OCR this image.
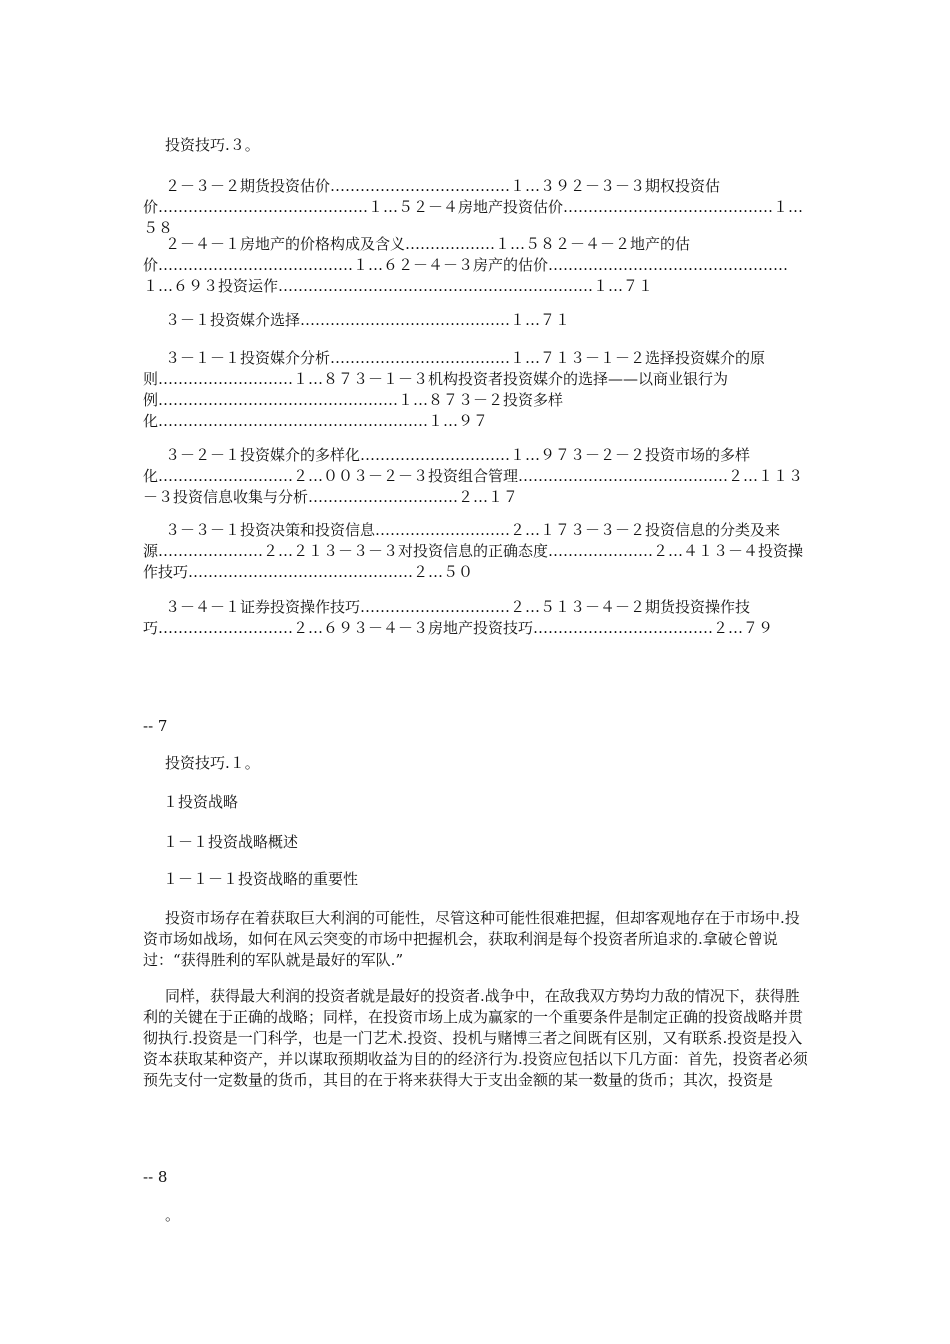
投资技巧.３。
２－３－２期货投资估价………………………………１…３９２－３－３期权投资估价……………………………………１…５２－４房地产投资估价……………………………………１…５８
２－４－１房地产的价格构成及含义………………１…５８２－４－２地产的估价…………………………………１…６２－４－３房产的估价…………………………………………１…６９３投资运作………………………………………………………１…７１
３－１投资媒介选择……………………………………１…７１
３－１－１投资媒介分析………………………………１…７１３－１－２选择投资媒介的原则………………………１…８７３－１－３机构投资者投资媒介的选择——以商业银行为例…………………………………………１…８７３－２投资多样化………………………………………………１…９７
３－２－１投资媒介的多样化…………………………１…９７３－２－２投资市场的多样化………………………２…００３－２－３投资组合管理……………………………………２…１１３－３投资信息收集与分析…………………………２…１７
３－３－１投资决策和投资信息………………………２…１７３－３－２投资信息的分类及来源…………………２…２１３－３－３对投资信息的正确态度…………………２…４１３－４投资操作技巧………………………………………２…５０
３－４－１证券投资操作技巧…………………………２…５１３－４－２期货投资操作技巧………………………２…６９３－４－３房地产投资技巧………………………………２…７９
-- 7
投资技巧.１。
１投资战略
１－１投资战略概述
１－１－１投资战略的重要性
投资市场存在着获取巨大利润的可能性，尽管这种可能性很难把握，但却客观地存在于市场中.投资市场如战场，如何在风云突变的市场中把握机会，获取利润是每个投资者所追求的.拿破仑曾说过：“获得胜利的军队就是最好的军队.”
同样，获得最大利润的投资者就是最好的投资者.战争中，在敌我双方势均力敌的情况下，获得胜利的关键在于正确的战略；同样，在投资市场上成为赢家的一个重要条件是制定正确的投资战略并贯彻执行.投资是一门科学，也是一门艺术.投资、投机与赌博三者之间既有区别，又有联系.投资是投入资本获取某种资产，并以谋取预期收益为目的的经济行为.投资应包括以下几方面：首先，投资者必须预先支付一定数量的货币，其目的在于将来获得大于支出金额的某一数量的货币；其次，投资是
-- 8
。
